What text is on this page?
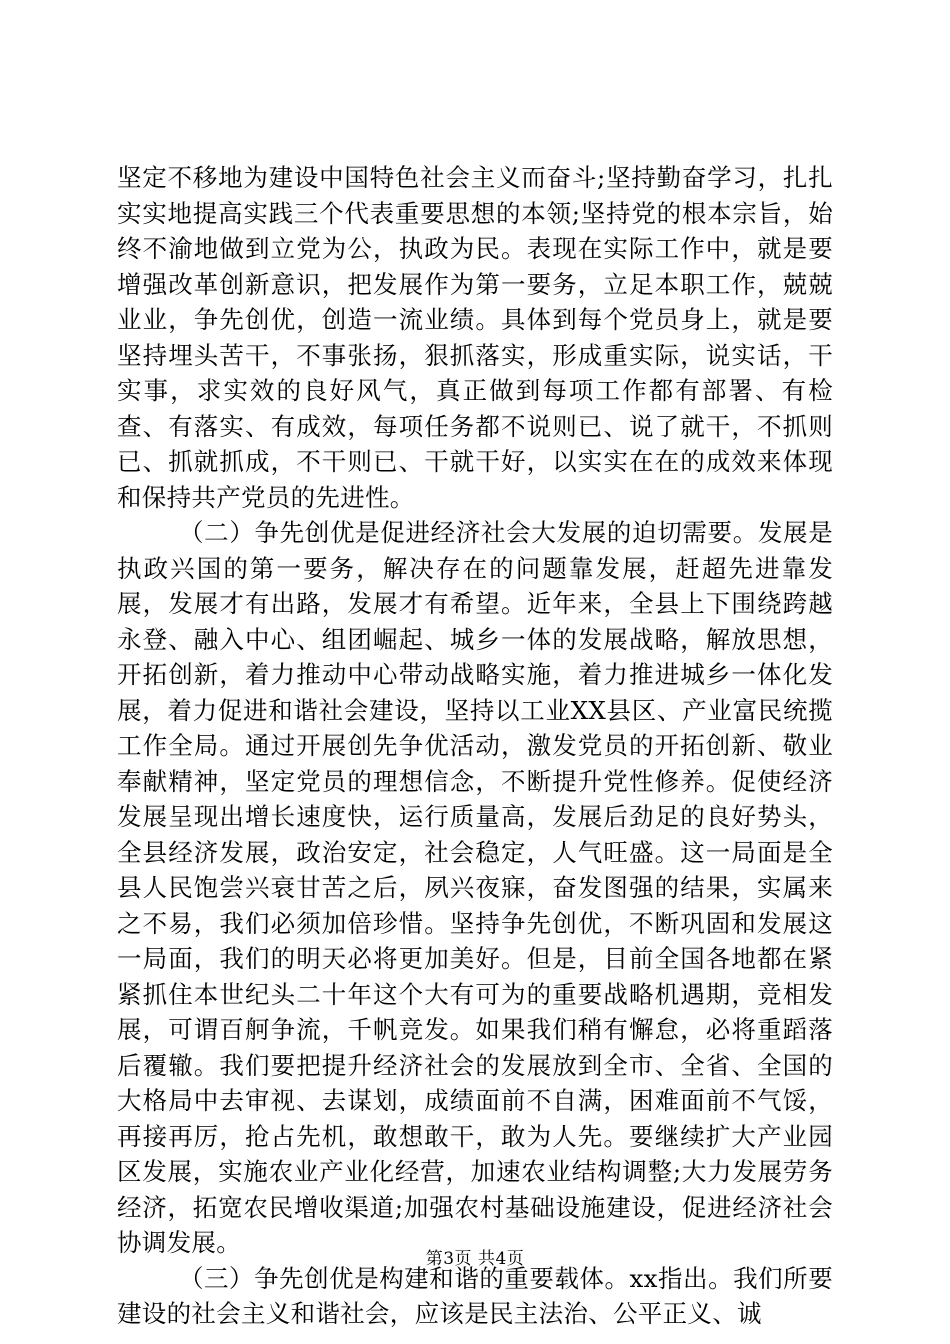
坚定不移地为建设中国特色社会主义而奋斗;坚持勤奋学习，扎扎实实地提高实践三个代表重要思想的本领;坚持党的根本宗旨，始终不渝地做到立党为公，执政为民。表现在实际工作中，就是要增强改革创新意识，把发展作为第一要务，立足本职工作，兢兢业业，争先创优，创造一流业绩。具体到每个党员身上，就是要坚持埋头苦干，不事张扬，狠抓落实，形成重实际，说实话，干实事，求实效的良好风气，真正做到每项工作都有部署、有检查、有落实、有成效，每项任务都不说则已、说了就干，不抓则已、抓就抓成，不干则已、干就干好，以实实在在的成效来体现和保持共产党员的先进性。

（二）争先创优是促进经济社会大发展的迫切需要。发展是执政兴国的第一要务，解决存在的问题靠发展，赶超先进靠发展，发展才有出路，发展才有希望。近年来，全县上下围绕跨越永登、融入中心、组团崛起、城乡一体的发展战略，解放思想，开拓创新，着力推动中心带动战略实施，着力推进城乡一体化发展，着力促进和谐社会建设，坚持以工业XX县区、产业富民统揽工作全局。通过开展创先争优活动，激发党员的开拓创新、敬业奉献精神，坚定党员的理想信念，不断提升党性修养。促使经济发展呈现出增长速度快，运行质量高，发展后劲足的良好势头，全县经济发展，政治安定，社会稳定，人气旺盛。这一局面是全县人民饱尝兴衰甘苦之后，夙兴夜寐，奋发图强的结果，实属来之不易，我们必须加倍珍惜。坚持争先创优，不断巩固和发展这一局面，我们的明天必将更加美好。但是，目前全国各地都在紧紧抓住本世纪头二十年这个大有可为的重要战略机遇期，竞相发展，可谓百舸争流，千帆竞发。如果我们稍有懈怠，必将重蹈落后覆辙。我们要把提升经济社会的发展放到全市、全省、全国的大格局中去审视、去谋划，成绩面前不自满，困难面前不气馁，再接再厉，抢占先机，敢想敢干，敢为人先。要继续扩大产业园区发展，实施农业产业化经营，加速农业结构调整;大力发展劳务经济，拓宽农民增收渠道;加强农村基础设施建设，促进经济社会协调发展。

（三）争先创优是构建和谐的重要载体。xx指出。我们所要建设的社会主义和谐社会，应该是民主法治、公平正义、诚

第3页 共4页
